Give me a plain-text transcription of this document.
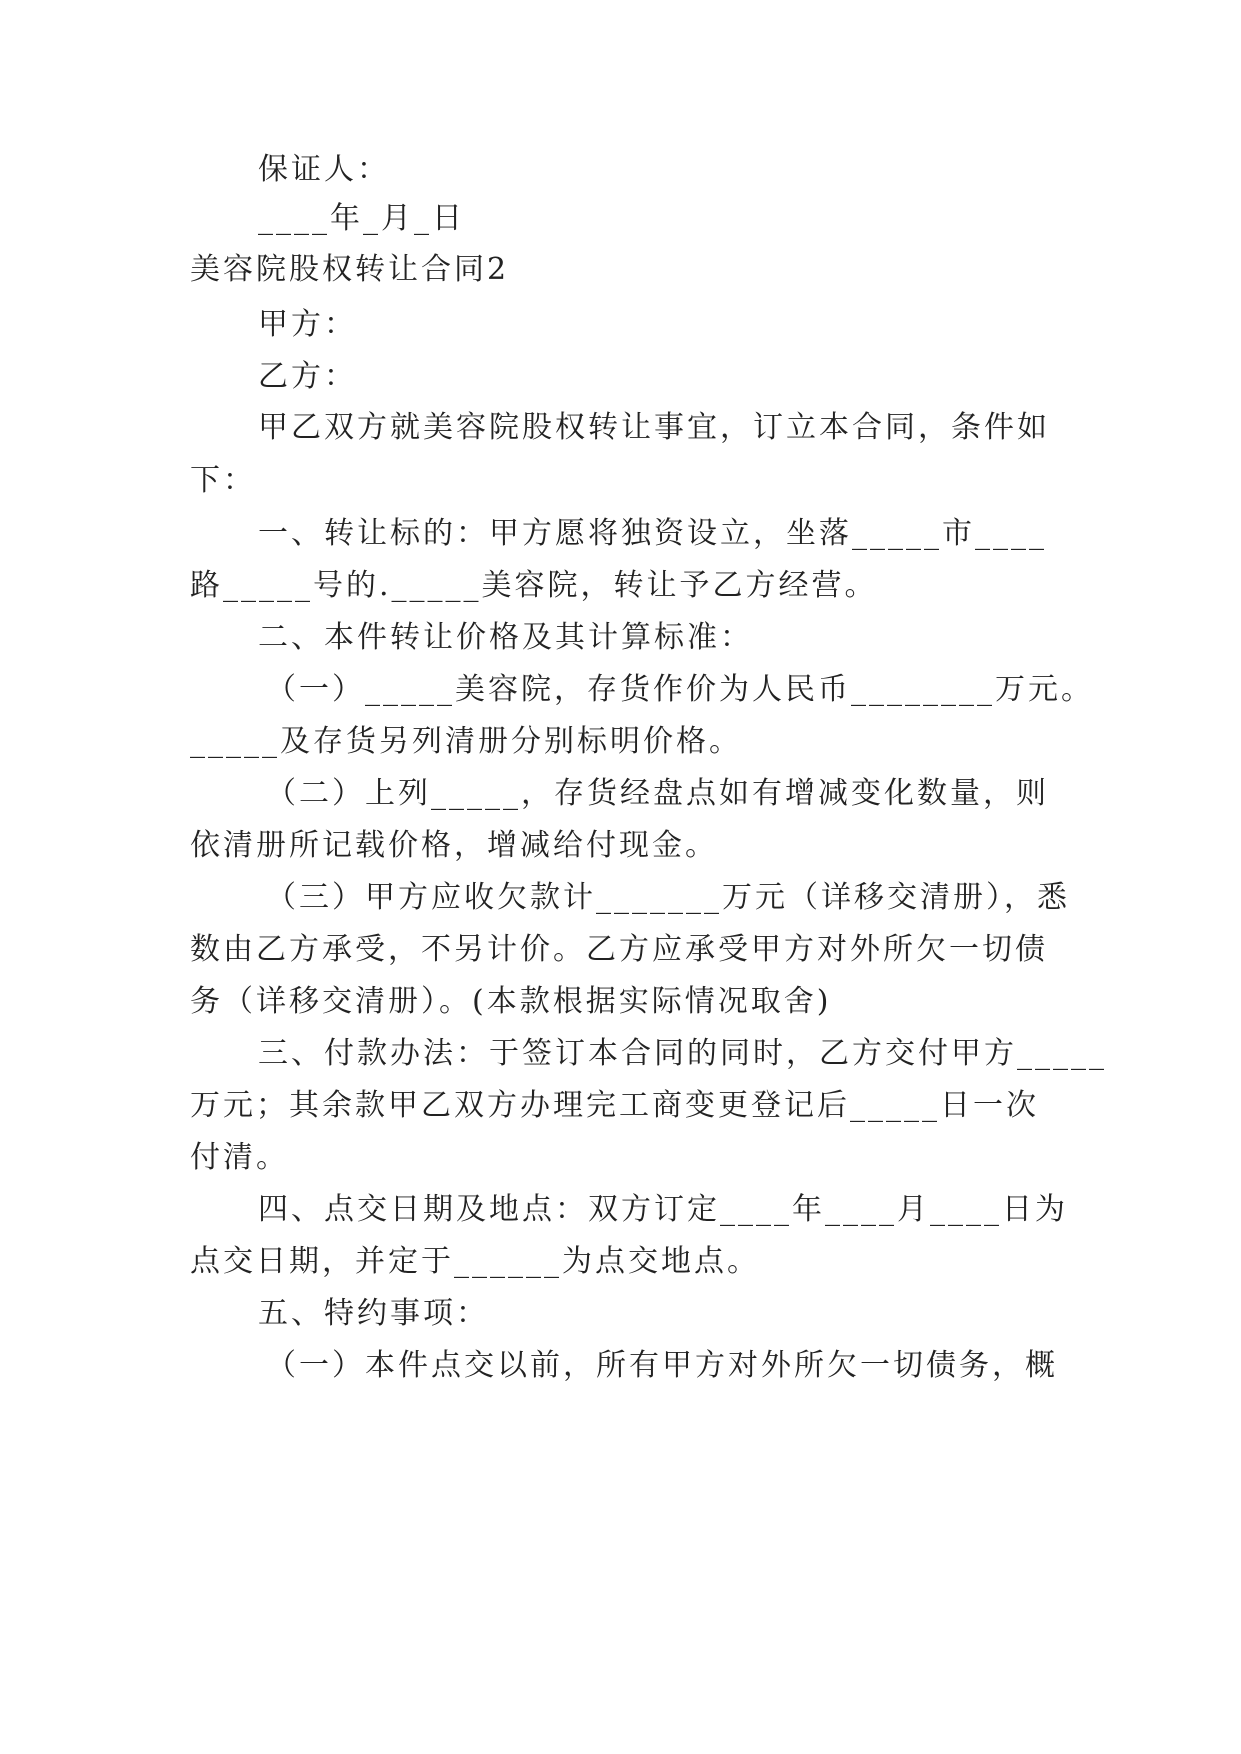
保证人：
____年_月_日
美容院股权转让合同2
甲方：
乙方：
甲乙双方就美容院股权转让事宜，订立本合同，条件如
下：
一、转让标的：甲方愿将独资设立，坐落_____市____
路_____号的._____美容院，转让予乙方经营。
二、本件转让价格及其计算标准：
（一）_____美容院，存货作价为人民币________万元。
_____及存货另列清册分别标明价格。
（二）上列_____，存货经盘点如有增减变化数量，则
依清册所记载价格，增减给付现金。
（三）甲方应收欠款计_______万元（详移交清册），悉
数由乙方承受，不另计价。乙方应承受甲方对外所欠一切债
务（详移交清册）。(本款根据实际情况取舍)
三、付款办法：于签订本合同的同时，乙方交付甲方_____
万元；其余款甲乙双方办理完工商变更登记后_____日一次
付清。
四、点交日期及地点：双方订定____年____月____日为
点交日期，并定于______为点交地点。
五、特约事项：
（一）本件点交以前，所有甲方对外所欠一切债务，概
